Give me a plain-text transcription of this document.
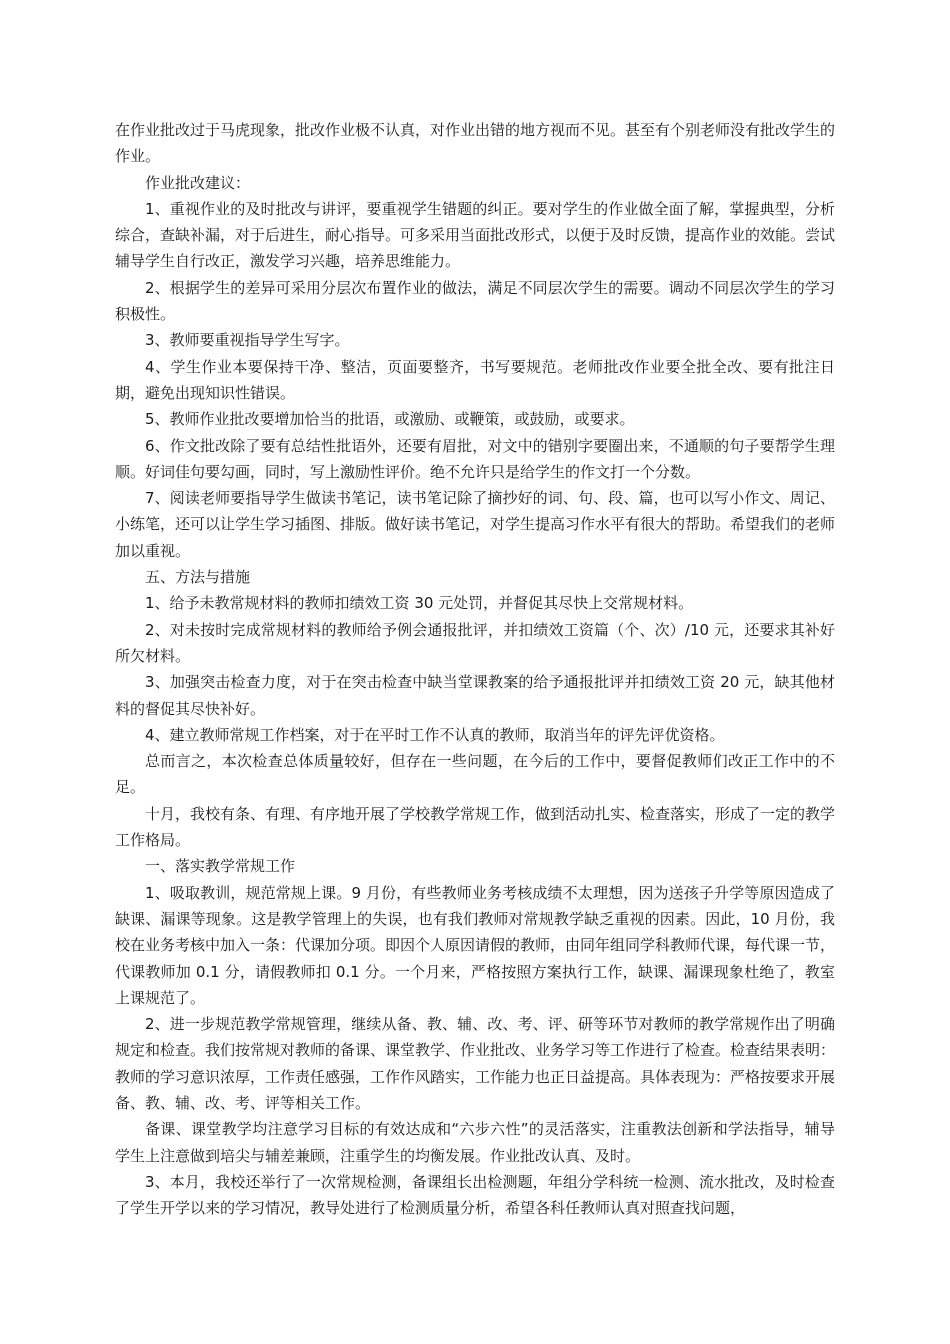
在作业批改过于马虎现象，批改作业极不认真，对作业出错的地方视而不见。甚至有个别老师没有批改学生的作业。

作业批改建议：

1、重视作业的及时批改与讲评，要重视学生错题的纠正。要对学生的作业做全面了解，掌握典型，分析综合，查缺补漏，对于后进生，耐心指导。可多采用当面批改形式，以便于及时反馈，提高作业的效能。尝试辅导学生自行改正，激发学习兴趣，培养思维能力。

2、根据学生的差异可采用分层次布置作业的做法，满足不同层次学生的需要。调动不同层次学生的学习积极性。

3、教师要重视指导学生写字。

4、学生作业本要保持干净、整洁，页面要整齐，书写要规范。老师批改作业要全批全改、要有批注日期，避免出现知识性错误。

5、教师作业批改要增加恰当的批语，或激励、或鞭策，或鼓励，或要求。

6、作文批改除了要有总结性批语外，还要有眉批，对文中的错别字要圈出来，不通顺的句子要帮学生理顺。好词佳句要勾画，同时，写上激励性评价。绝不允许只是给学生的作文打一个分数。

7、阅读老师要指导学生做读书笔记，读书笔记除了摘抄好的词、句、段、篇，也可以写小作文、周记、小练笔，还可以让学生学习插图、排版。做好读书笔记，对学生提高习作水平有很大的帮助。希望我们的老师加以重视。

五、方法与措施

1、给予未教常规材料的教师扣绩效工资 30 元处罚，并督促其尽快上交常规材料。

2、对未按时完成常规材料的教师给予例会通报批评，并扣绩效工资篇（个、次）/10 元，还要求其补好所欠材料。

3、加强突击检查力度，对于在突击检查中缺当堂课教案的给予通报批评并扣绩效工资 20 元，缺其他材料的督促其尽快补好。

4、建立教师常规工作档案，对于在平时工作不认真的教师，取消当年的评先评优资格。

总而言之，本次检查总体质量较好，但存在一些问题，在今后的工作中，要督促教师们改正工作中的不足。

十月，我校有条、有理、有序地开展了学校教学常规工作，做到活动扎实、检查落实，形成了一定的教学工作格局。

一、落实教学常规工作

1、吸取教训，规范常规上课。9 月份，有些教师业务考核成绩不太理想，因为送孩子升学等原因造成了缺课、漏课等现象。这是教学管理上的失误，也有我们教师对常规教学缺乏重视的因素。因此，10 月份，我校在业务考核中加入一条：代课加分项。即因个人原因请假的教师，由同年组同学科教师代课，每代课一节，代课教师加 0.1 分，请假教师扣 0.1 分。一个月来，严格按照方案执行工作，缺课、漏课现象杜绝了，教室上课规范了。

2、进一步规范教学常规管理，继续从备、教、辅、改、考、评、研等环节对教师的教学常规作出了明确规定和检查。我们按常规对教师的备课、课堂教学、作业批改、业务学习等工作进行了检查。检查结果表明：教师的学习意识浓厚，工作责任感强，工作作风踏实，工作能力也正日益提高。具体表现为：严格按要求开展备、教、辅、改、考、评等相关工作。

备课、课堂教学均注意学习目标的有效达成和“六步六性”的灵活落实，注重教法创新和学法指导，辅导学生上注意做到培尖与辅差兼顾，注重学生的均衡发展。作业批改认真、及时。

3、本月，我校还举行了一次常规检测，备课组长出检测题，年组分学科统一检测、流水批改，及时检查了学生开学以来的学习情况，教导处进行了检测质量分析，希望各科任教师认真对照查找问题，
